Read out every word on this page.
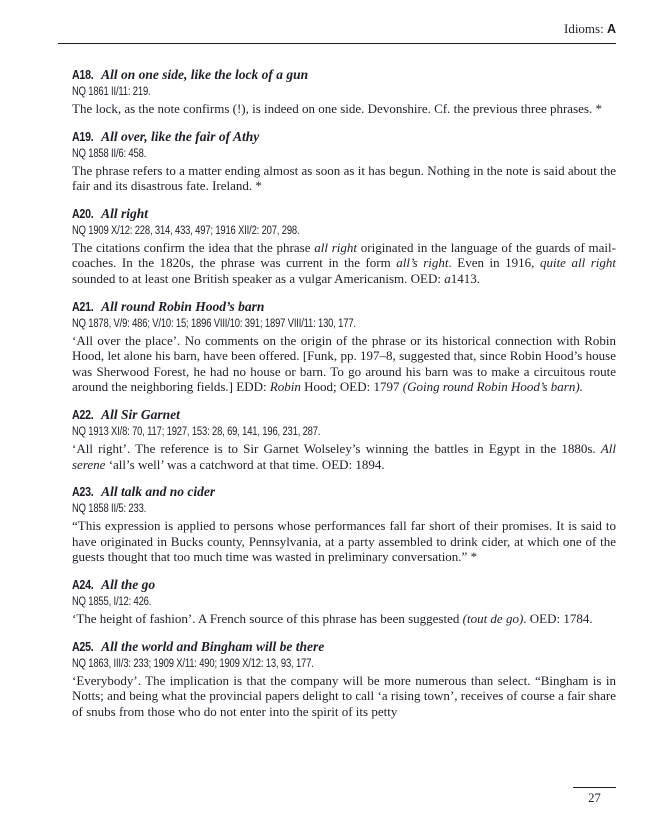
Idioms: A
A18. All on one side, like the lock of a gun
NQ 1861 II/11: 219.

The lock, as the note confirms (!), is indeed on one side. Devonshire. Cf. the previous three phrases. *

A19. All over, like the fair of Athy
NQ 1858 II/6: 458.

The phrase refers to a matter ending almost as soon as it has begun. Nothing in the note is said about the fair and its disastrous fate. Ireland. *

A20. All right
NQ 1909 X/12: 228, 314, 433, 497; 1916 XII/2: 207, 298.

The citations confirm the idea that the phrase all right originated in the language of the guards of mail-coaches. In the 1820s, the phrase was current in the form all’s right. Even in 1916, quite all right sounded to at least one British speaker as a vulgar Americanism. OED: a1413.

A21. All round Robin Hood’s barn
NQ 1878, V/9: 486; V/10: 15; 1896 VIII/10: 391; 1897 VIII/11: 130, 177.

‘All over the place’. No comments on the origin of the phrase or its historical connection with Robin Hood, let alone his barn, have been offered. [Funk, pp. 197–8, suggested that, since Robin Hood’s house was Sherwood Forest, he had no house or barn. To go around his barn was to make a circuitous route around the neighboring fields.] EDD: Robin Hood; OED: 1797 (Going round Robin Hood’s barn).

A22. All Sir Garnet
NQ 1913 XI/8: 70, 117; 1927, 153: 28, 69, 141, 196, 231, 287.

‘All right’. The reference is to Sir Garnet Wolseley’s winning the battles in Egypt in the 1880s. All serene ‘all’s well’ was a catchword at that time. OED: 1894.

A23. All talk and no cider
NQ 1858 II/5: 233.

“This expression is applied to persons whose performances fall far short of their promises. It is said to have originated in Bucks county, Pennsylvania, at a party assembled to drink cider, at which one of the guests thought that too much time was wasted in preliminary conversation.” *

A24. All the go
NQ 1855, I/12: 426.

‘The height of fashion’. A French source of this phrase has been suggested (tout de go). OED: 1784.

A25. All the world and Bingham will be there
NQ 1863, III/3: 233; 1909 X/11: 490; 1909 X/12: 13, 93, 177.

‘Everybody’. The implication is that the company will be more numerous than select. “Bingham is in Notts; and being what the provincial papers delight to call ‘a rising town’, receives of course a fair share of snubs from those who do not enter into the spirit of its petty

27
